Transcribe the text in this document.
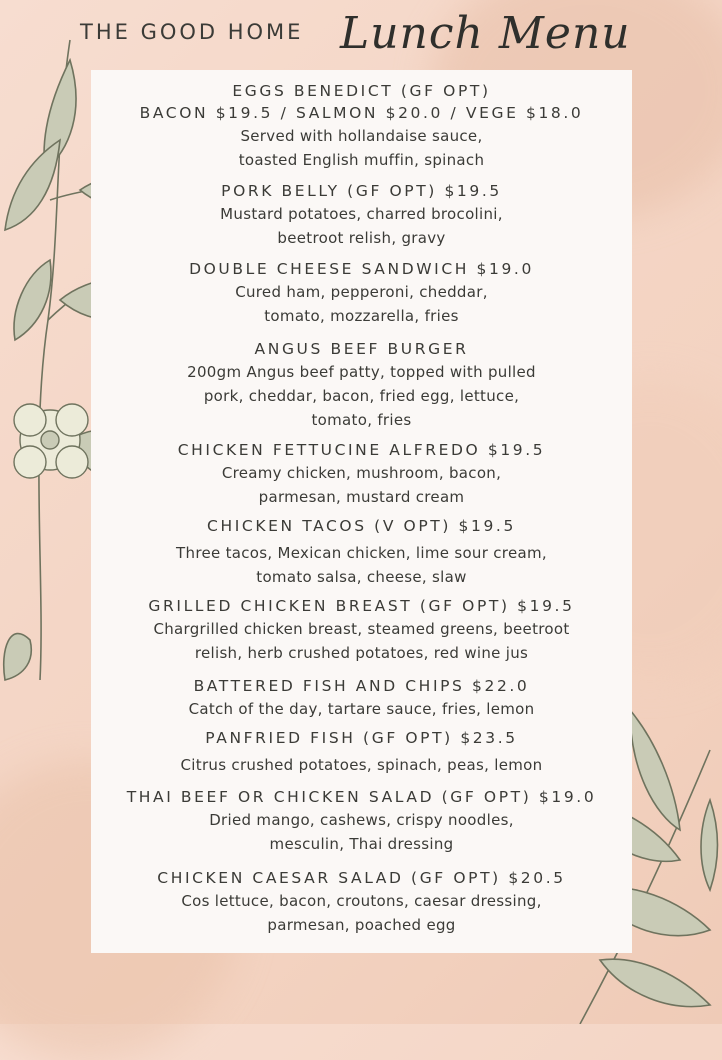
THE GOOD HOME Lunch Menu
EGGS BENEDICT (GF OPT)
BACON $19.5 / SALMON $20.0 / VEGE $18.0
Served with hollandaise sauce,
toasted English muffin, spinach
PORK BELLY (GF OPT) $19.5
Mustard potatoes, charred brocolini,
beetroot relish, gravy
DOUBLE CHEESE SANDWICH $19.0
Cured ham, pepperoni, cheddar,
tomato, mozzarella, fries
ANGUS BEEF BURGER
200gm Angus beef patty, topped with pulled
pork, cheddar, bacon, fried egg, lettuce,
tomato, fries
CHICKEN FETTUCINE ALFREDO $19.5
Creamy chicken, mushroom, bacon,
parmesan, mustard cream
CHICKEN TACOS (V OPT) $19.5
Three tacos, Mexican chicken, lime sour cream,
tomato salsa, cheese, slaw
GRILLED CHICKEN BREAST (GF OPT) $19.5
Chargrilled chicken breast, steamed greens, beetroot
relish, herb crushed potatoes, red wine jus
BATTERED FISH AND CHIPS $22.0
Catch of the day, tartare sauce, fries, lemon
PANFRIED FISH (GF OPT) $23.5
Citrus crushed potatoes, spinach, peas, lemon
THAI BEEF OR CHICKEN SALAD (GF OPT) $19.0
Dried mango, cashews, crispy noodles,
mesculin, Thai dressing
CHICKEN CAESAR SALAD (GF OPT) $20.5
Cos lettuce, bacon, croutons, caesar dressing,
parmesan, poached egg
